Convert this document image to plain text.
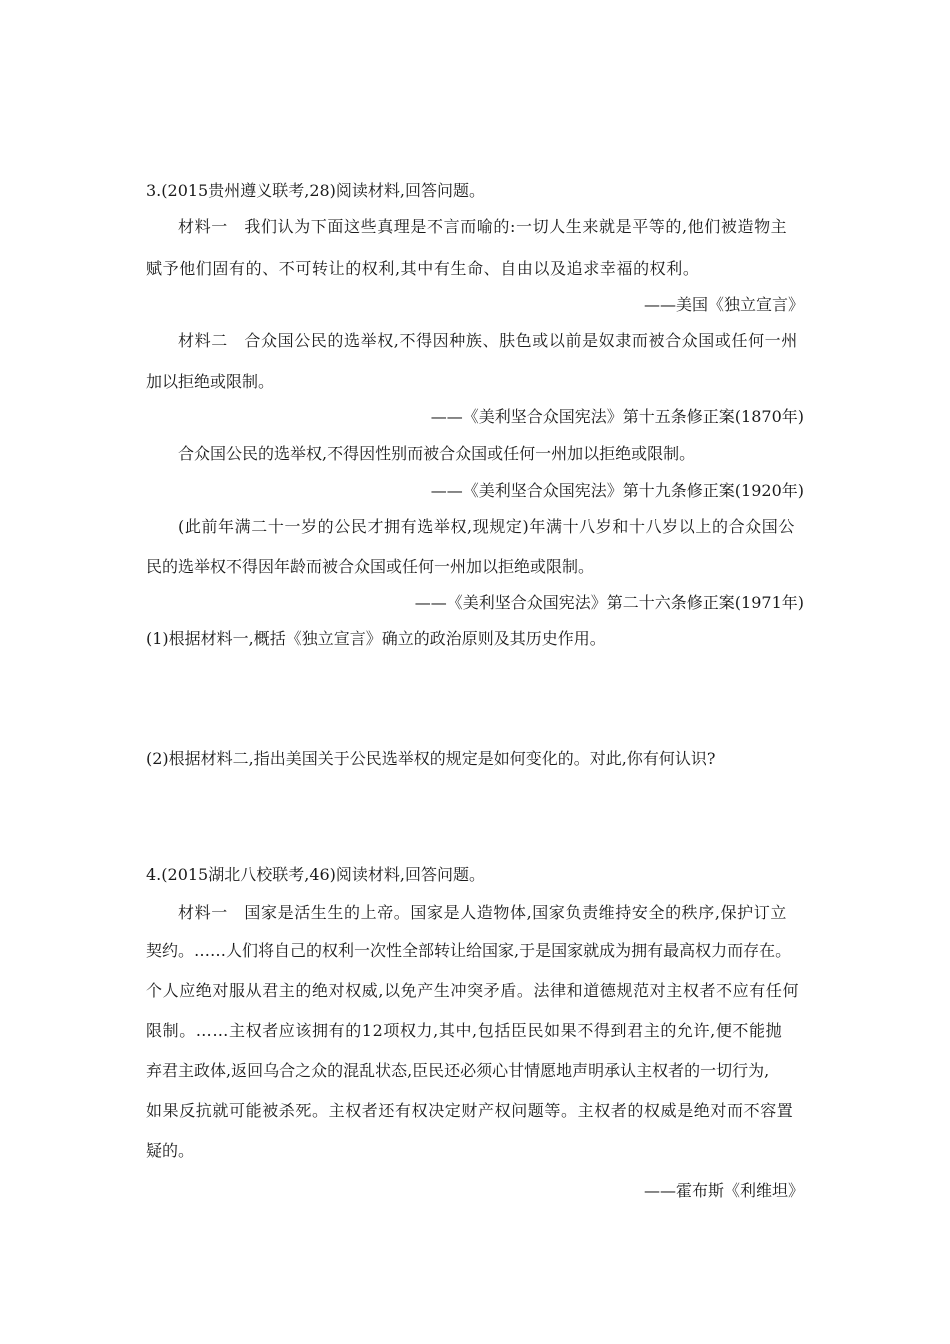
3.(2015贵州遵义联考,28)阅读材料,回答问题。
材料一　我们认为下面这些真理是不言而喻的:一切人生来就是平等的,他们被造物主
赋予他们固有的、不可转让的权利,其中有生命、自由以及追求幸福的权利。
——美国《独立宣言》
材料二　合众国公民的选举权,不得因种族、肤色或以前是奴隶而被合众国或任何一州
加以拒绝或限制。
——《美利坚合众国宪法》第十五条修正案(1870年)
合众国公民的选举权,不得因性别而被合众国或任何一州加以拒绝或限制。
——《美利坚合众国宪法》第十九条修正案(1920年)
(此前年满二十一岁的公民才拥有选举权,现规定)年满十八岁和十八岁以上的合众国公
民的选举权不得因年龄而被合众国或任何一州加以拒绝或限制。
——《美利坚合众国宪法》第二十六条修正案(1971年)
(1)根据材料一,概括《独立宣言》确立的政治原则及其历史作用。
(2)根据材料二,指出美国关于公民选举权的规定是如何变化的。对此,你有何认识?
4.(2015湖北八校联考,46)阅读材料,回答问题。
材料一　国家是活生生的上帝。国家是人造物体,国家负责维持安全的秩序,保护订立
契约。……人们将自己的权利一次性全部转让给国家,于是国家就成为拥有最高权力而存在。
个人应绝对服从君主的绝对权威,以免产生冲突矛盾。法律和道德规范对主权者不应有任何
限制。……主权者应该拥有的12项权力,其中,包括臣民如果不得到君主的允许,便不能抛
弃君主政体,返回乌合之众的混乱状态,臣民还必须心甘情愿地声明承认主权者的一切行为,
如果反抗就可能被杀死。主权者还有权决定财产权问题等。主权者的权威是绝对而不容置
疑的。
——霍布斯《利维坦》
